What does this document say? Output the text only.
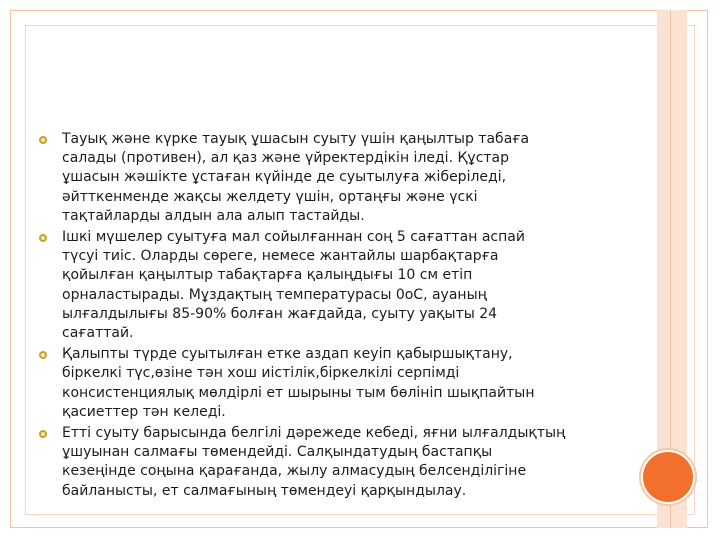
Тауық және күрке тауық ұшасын суыту үшін қаңылтыр табаға
салады (противен), ал қаз және үйректердікін іледі. Құстар
ұшасын жәшікте ұстаған күйінде де суытылуға жіберіледі,
әйтткенменде жақсы желдету үшін, ортаңғы және үскі
тақтайларды алдын ала алып тастайды.
Ішкі мүшелер суытуға мал сойылғаннан соң 5 сағаттан аспай
түсуі тиіс. Оларды сөреге, немесе жантайлы шарбақтарға
қойылған қаңылтыр табақтарға қалыңдығы 10 см етіп
орналастырады. Мұздақтың температурасы 0оС, ауаның
ылғалдылығы 85-90% болған жағдайда, суыту уақыты 24
сағаттай.
Қалыпты түрде суытылған етке аздап кеуіп қабыршықтану,
біркелкі түс,өзіне тән хош иістілік,біркелкілі серпімді
консистенциялық мөлдірлі ет шырыны тым бөлініп шықпайтын
қасиеттер тән келеді.
Етті суыту барысында белгілі дәрежеде кебеді, яғни ылғалдықтың
ұшуынан салмағы төмендейді. Салқындатудың бастапқы
кезеңінде соңына қарағанда, жылу алмасудың белсенділігіне
байланысты, ет салмағының төмендеуі қарқындылау.
